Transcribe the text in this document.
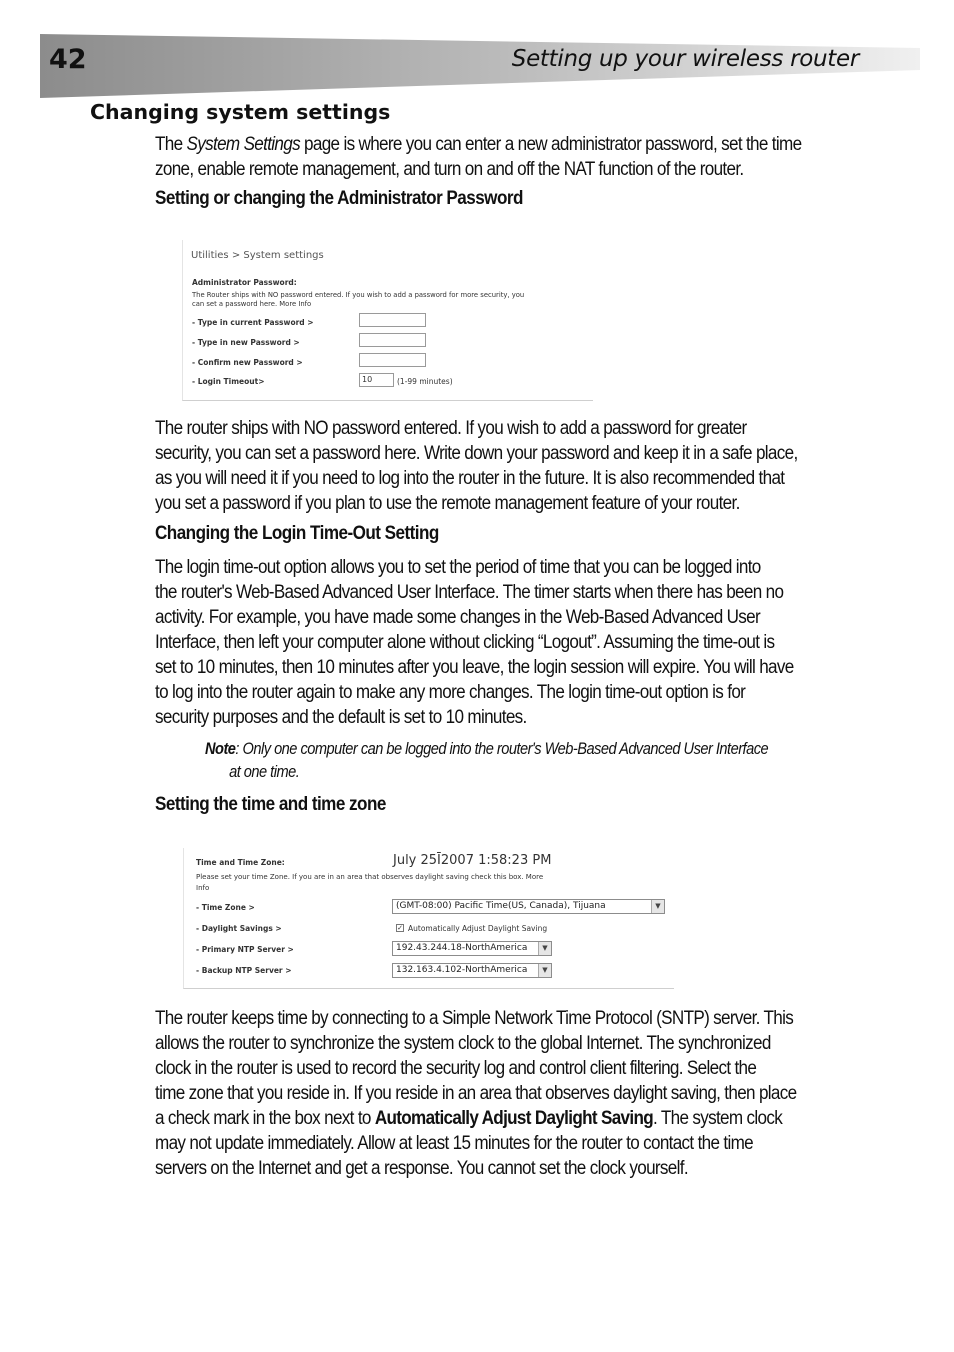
42	Setting up your wireless router
Changing system settings
The System Settings page is where you can enter a new administrator password, set the time
zone, enable remote management, and turn on and off the NAT function of the router.
Setting or changing the Administrator Password
Utilities > System settings
Administrator Password:
The Router ships with NO password entered. If you wish to add a password for more security, you
can set a password here. More Info
- Type in current Password >
- Type in new Password >
- Confirm new Password >
- Login Timeout>	10	(1-99 minutes)
The router ships with NO password entered. If you wish to add a password for greater
security, you can set a password here. Write down your password and keep it in a safe place,
as you will need it if you need to log into the router in the future. It is also recommended that
you set a password if you plan to use the remote management feature of your router.
Changing the Login Time-Out Setting
The login time-out option allows you to set the period of time that you can be logged into
the router's Web-Based Advanced User Interface. The timer starts when there has been no
activity. For example, you have made some changes in the Web-Based Advanced User
Interface, then left your computer alone without clicking “Logout”. Assuming the time-out is
set to 10 minutes, then 10 minutes after you leave, the login session will expire. You will have
to log into the router again to make any more changes. The login time-out option is for
security purposes and the default is set to 10 minutes.
Note: Only one computer can be logged into the router's Web-Based Advanced User Interface
at one time.
Setting the time and time zone
Time and Time Zone:	July 25Ī2007 1:58:23 PM
Please set your time Zone. If you are in an area that observes daylight saving check this box. More
Info
- Time Zone >	(GMT-08:00) Pacific Time(US, Canada), Tijuana	▼
- Daylight Savings >	✓ Automatically Adjust Daylight Saving
- Primary NTP Server >	192.43.244.18-NorthAmerica	▼
- Backup NTP Server >	132.163.4.102-NorthAmerica	▼
The router keeps time by connecting to a Simple Network Time Protocol (SNTP) server. This
allows the router to synchronize the system clock to the global Internet. The synchronized
clock in the router is used to record the security log and control client filtering. Select the
time zone that you reside in. If you reside in an area that observes daylight saving, then place
a check mark in the box next to Automatically Adjust Daylight Saving. The system clock
may not update immediately. Allow at least 15 minutes for the router to contact the time
servers on the Internet and get a response. You cannot set the clock yourself.
